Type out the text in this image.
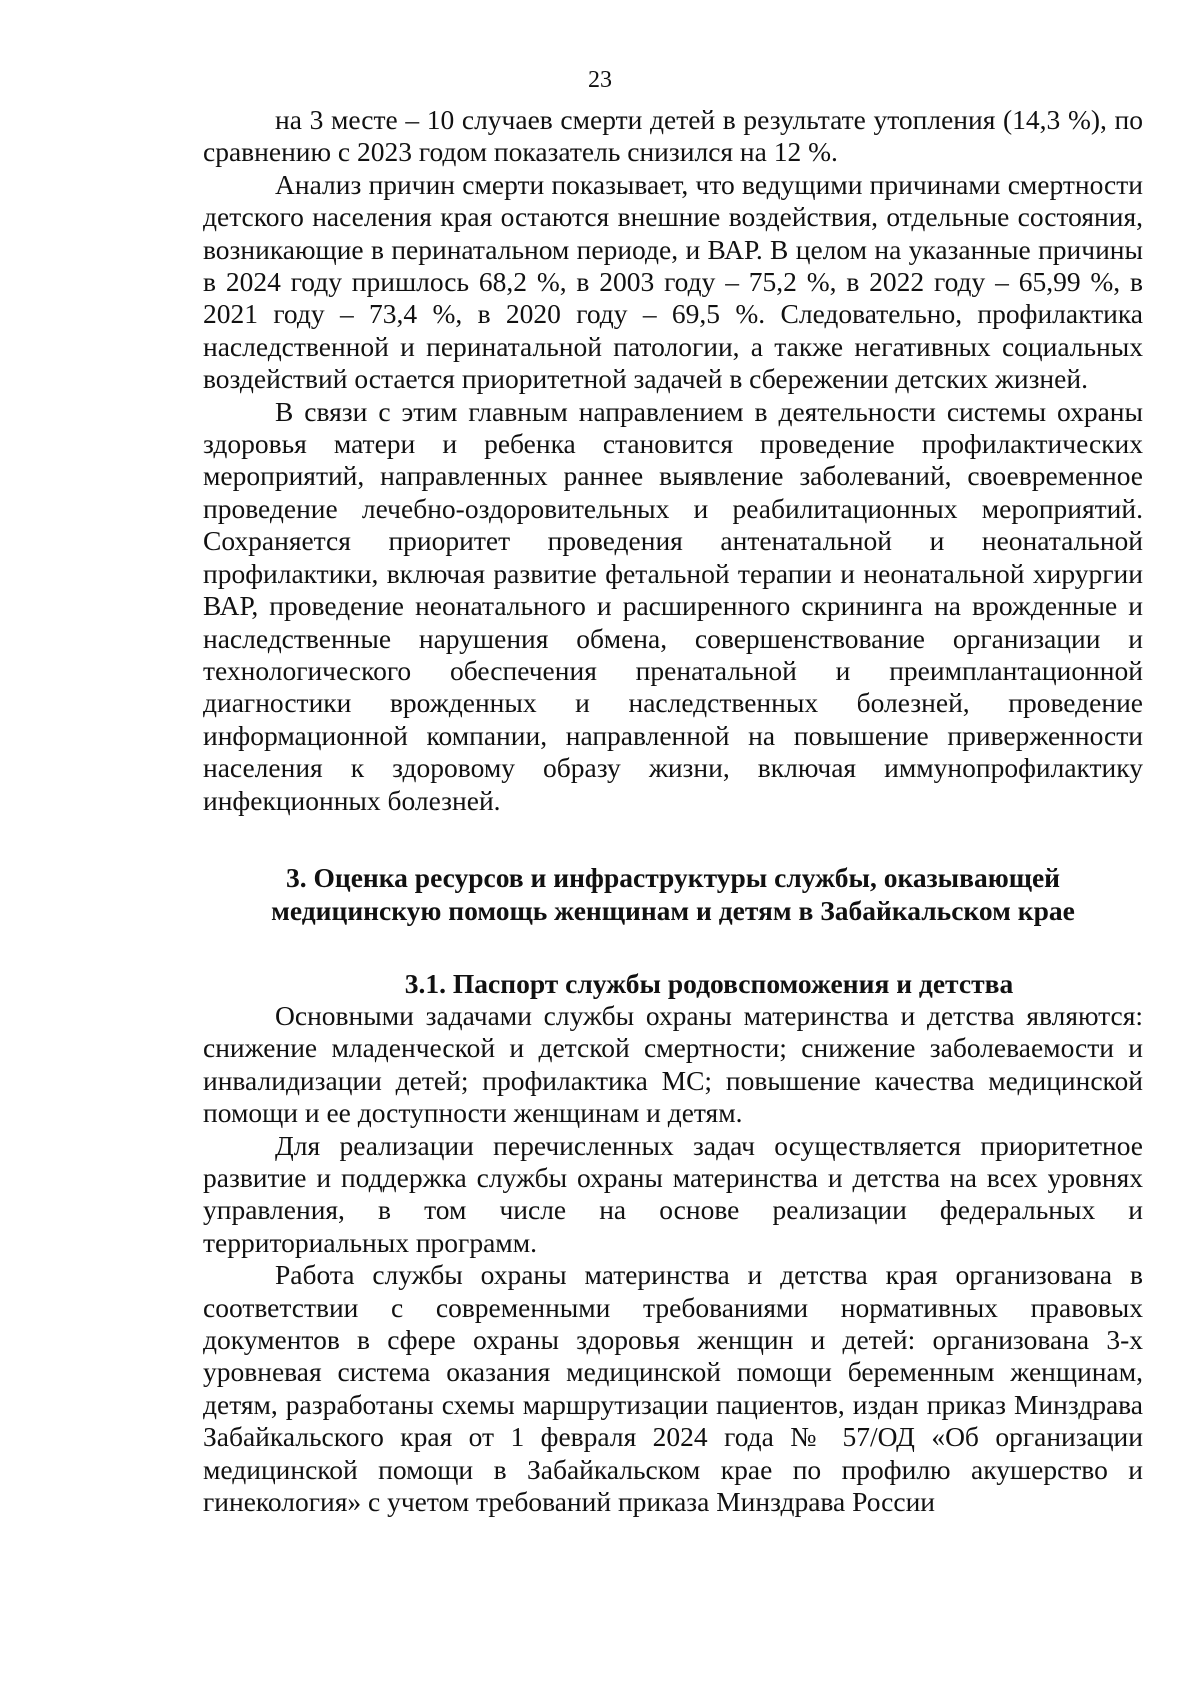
23

на 3 месте – 10 случаев смерти детей в результате утопления (14,3 %), по сравнению с 2023 годом показатель снизился на 12 %.

Анализ причин смерти показывает, что ведущими причинами смертности детского населения края остаются внешние воздействия, отдельные состояния, возникающие в перинатальном периоде, и ВАР. В целом на указанные причины в 2024 году пришлось 68,2 %, в 2003 году – 75,2 %, в 2022 году – 65,99 %, в 2021 году – 73,4 %, в 2020 году – 69,5 %. Следовательно, профилактика наследственной и перинатальной патологии, а также негативных социальных воздействий остается приоритетной задачей в сбережении детских жизней.

В связи с этим главным направлением в деятельности системы охраны здоровья матери и ребенка становится проведение профилактических мероприятий, направленных раннее выявление заболеваний, своевременное проведение лечебно-оздоровительных и реабилитационных мероприятий. Сохраняется приоритет проведения антенатальной и неонатальной профилактики, включая развитие фетальной терапии и неонатальной хирургии ВАР, проведение неонатального и расширенного скрининга на врожденные и наследственные нарушения обмена, совершенствование организации и технологического обеспечения пренатальной и преимплантационной диагностики врожденных и наследственных болезней, проведение информационной компании, направленной на повышение приверженности населения к здоровому образу жизни, включая иммунопрофилактику инфекционных болезней.

3. Оценка ресурсов и инфраструктуры службы, оказывающей
медицинскую помощь женщинам и детям в Забайкальском крае
3.1. Паспорт службы родовспоможения и детства

Основными задачами службы охраны материнства и детства являются: снижение младенческой и детской смертности; снижение заболеваемости и инвалидизации детей; профилактика МС; повышение качества медицинской помощи и ее доступности женщинам и детям.

Для реализации перечисленных задач осуществляется приоритетное развитие и поддержка службы охраны материнства и детства на всех уровнях управления, в том числе на основе реализации федеральных и территориальных программ.

Работа службы охраны материнства и детства края организована в соответствии с современными требованиями нормативных правовых документов в сфере охраны здоровья женщин и детей: организована 3-х уровневая система оказания медицинской помощи беременным женщинам, детям, разработаны схемы маршрутизации пациентов, издан приказ Минздрава Забайкальского края от 1 февраля 2024 года № 57/ОД «Об организации медицинской помощи в Забайкальском крае по профилю акушерство и гинекология» с учетом требований приказа Минздрава России
